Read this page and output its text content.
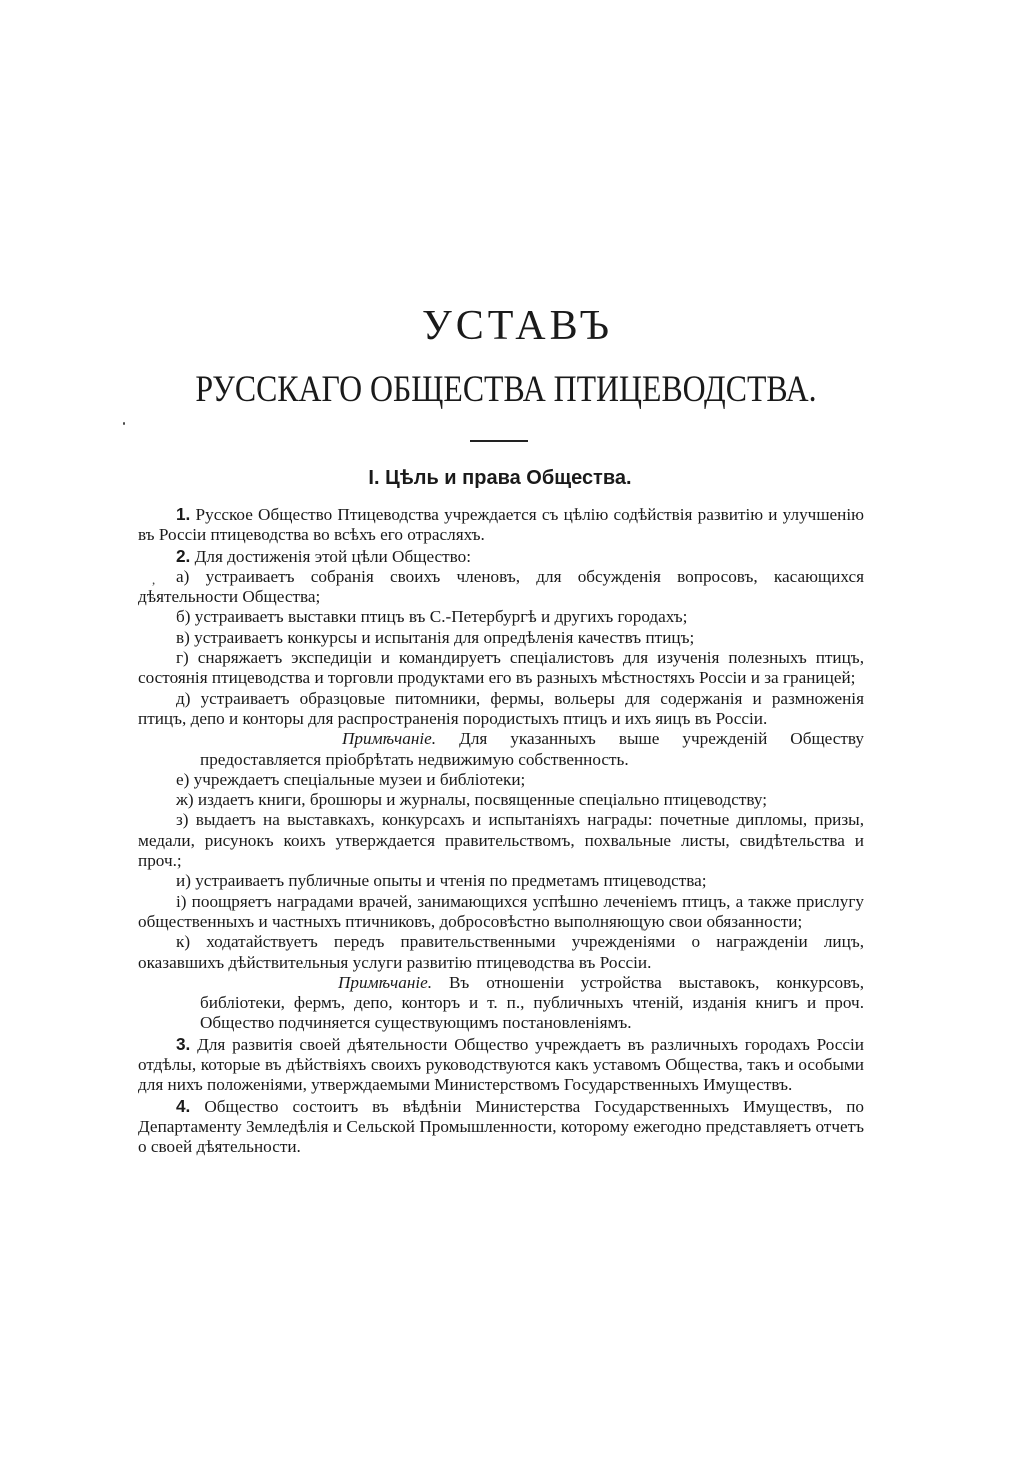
УСТАВЪ
РУССКАГО ОБЩЕСТВА ПТИЦЕВОДСТВА.
I. Цѣль и права Общества.
,

1. Русское Общество Птицеводства учреждается съ цѣлію содѣйствія развитію и улучшенію въ Россіи птицеводства во всѣхъ его отрасляхъ.

2. Для достиженія этой цѣли Общество:

а) устраиваетъ собранія своихъ членовъ, для обсужденія вопросовъ, касающихся дѣятельности Общества;

б) устраиваетъ выставки птицъ въ С.-Петербургѣ и другихъ городахъ;

в) устраиваетъ конкурсы и испытанія для опредѣленія качествъ птицъ;

г) снаряжаетъ экспедиціи и командируетъ спеціалистовъ для изученія полезныхъ птицъ, состоянія птицеводства и торговли продуктами его въ разныхъ мѣстностяхъ Россіи и за границей;

д) устраиваетъ образцовые питомники, фермы, вольеры для содержанія и размноженія птицъ, депо и конторы для распространенія породистыхъ птицъ и ихъ яицъ въ Россіи.

Примѣчаніе. Для указанныхъ выше учрежденій Обществу предоставляется пріобрѣтать недвижимую собственность.

е) учреждаетъ спеціальные музеи и библіотеки;

ж) издаетъ книги, брошюры и журналы, посвященные спеціально птицеводству;

з) выдаетъ на выставкахъ, конкурсахъ и испытаніяхъ награды: почетные дипломы, призы, медали, рисунокъ коихъ утверждается правительствомъ, похвальные листы, свидѣтельства и проч.;

и) устраиваетъ публичные опыты и чтенія по предметамъ птицеводства;

і) поощряетъ наградами врачей, занимающихся успѣшно леченіемъ птицъ, а также прислугу общественныхъ и частныхъ птичниковъ, добросовѣстно выполняющую свои обязанности;

к) ходатайствуетъ передъ правительственными учрежденіями о награжденіи лицъ, оказавшихъ дѣйствительныя услуги развитію птицеводства въ Россіи.

Примѣчаніе. Въ отношеніи устройства выставокъ, конкурсовъ, библіотеки, фермъ, депо, конторъ и т. п., публичныхъ чтеній, изданія книгъ и проч. Общество подчиняется существующимъ постановленіямъ.

3. Для развитія своей дѣятельности Общество учреждаетъ въ различныхъ городахъ Россіи отдѣлы, которые въ дѣйствіяхъ своихъ руководствуются какъ уставомъ Общества, такъ и особыми для нихъ положеніями, утверждаемыми Министерствомъ Государственныхъ Имуществъ.

4. Общество состоитъ въ вѣдѣніи Министерства Государственныхъ Имуществъ, по Департаменту Земледѣлія и Сельской Промышленности, которому ежегодно представляетъ отчетъ о своей дѣятельности.
